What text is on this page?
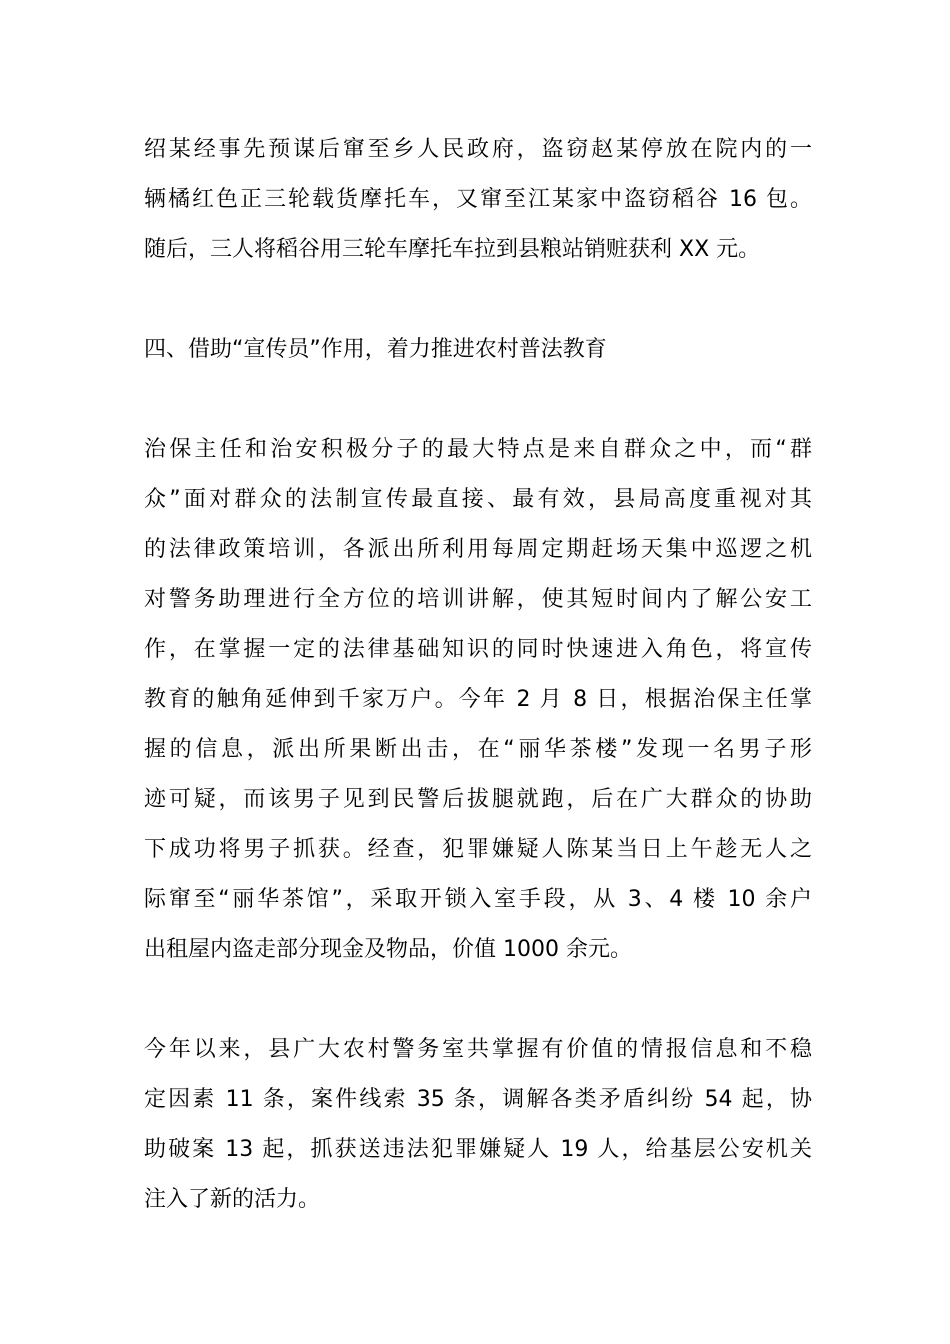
绍某经事先预谋后窜至乡人民政府，盗窃赵某停放在院内的一
辆橘红色正三轮载货摩托车，又窜至江某家中盗窃稻谷 16 包。
随后，三人将稻谷用三轮车摩托车拉到县粮站销赃获利 XX 元。
四、借助“宣传员”作用，着力推进农村普法教育
治保主任和治安积极分子的最大特点是来自群众之中，而“群
众”面对群众的法制宣传最直接、最有效，县局高度重视对其
的法律政策培训，各派出所利用每周定期赶场天集中巡逻之机
对警务助理进行全方位的培训讲解，使其短时间内了解公安工
作，在掌握一定的法律基础知识的同时快速进入角色，将宣传
教育的触角延伸到千家万户。今年 2 月 8 日，根据治保主任掌
握的信息，派出所果断出击，在“丽华茶楼”发现一名男子形
迹可疑，而该男子见到民警后拔腿就跑，后在广大群众的协助
下成功将男子抓获。经查，犯罪嫌疑人陈某当日上午趁无人之
际窜至“丽华茶馆”，采取开锁入室手段，从 3、4 楼 10 余户
出租屋内盗走部分现金及物品，价值 1000 余元。
今年以来，县广大农村警务室共掌握有价值的情报信息和不稳
定因素 11 条，案件线索 35 条，调解各类矛盾纠纷 54 起，协
助破案 13 起，抓获送违法犯罪嫌疑人 19 人，给基层公安机关
注入了新的活力。
